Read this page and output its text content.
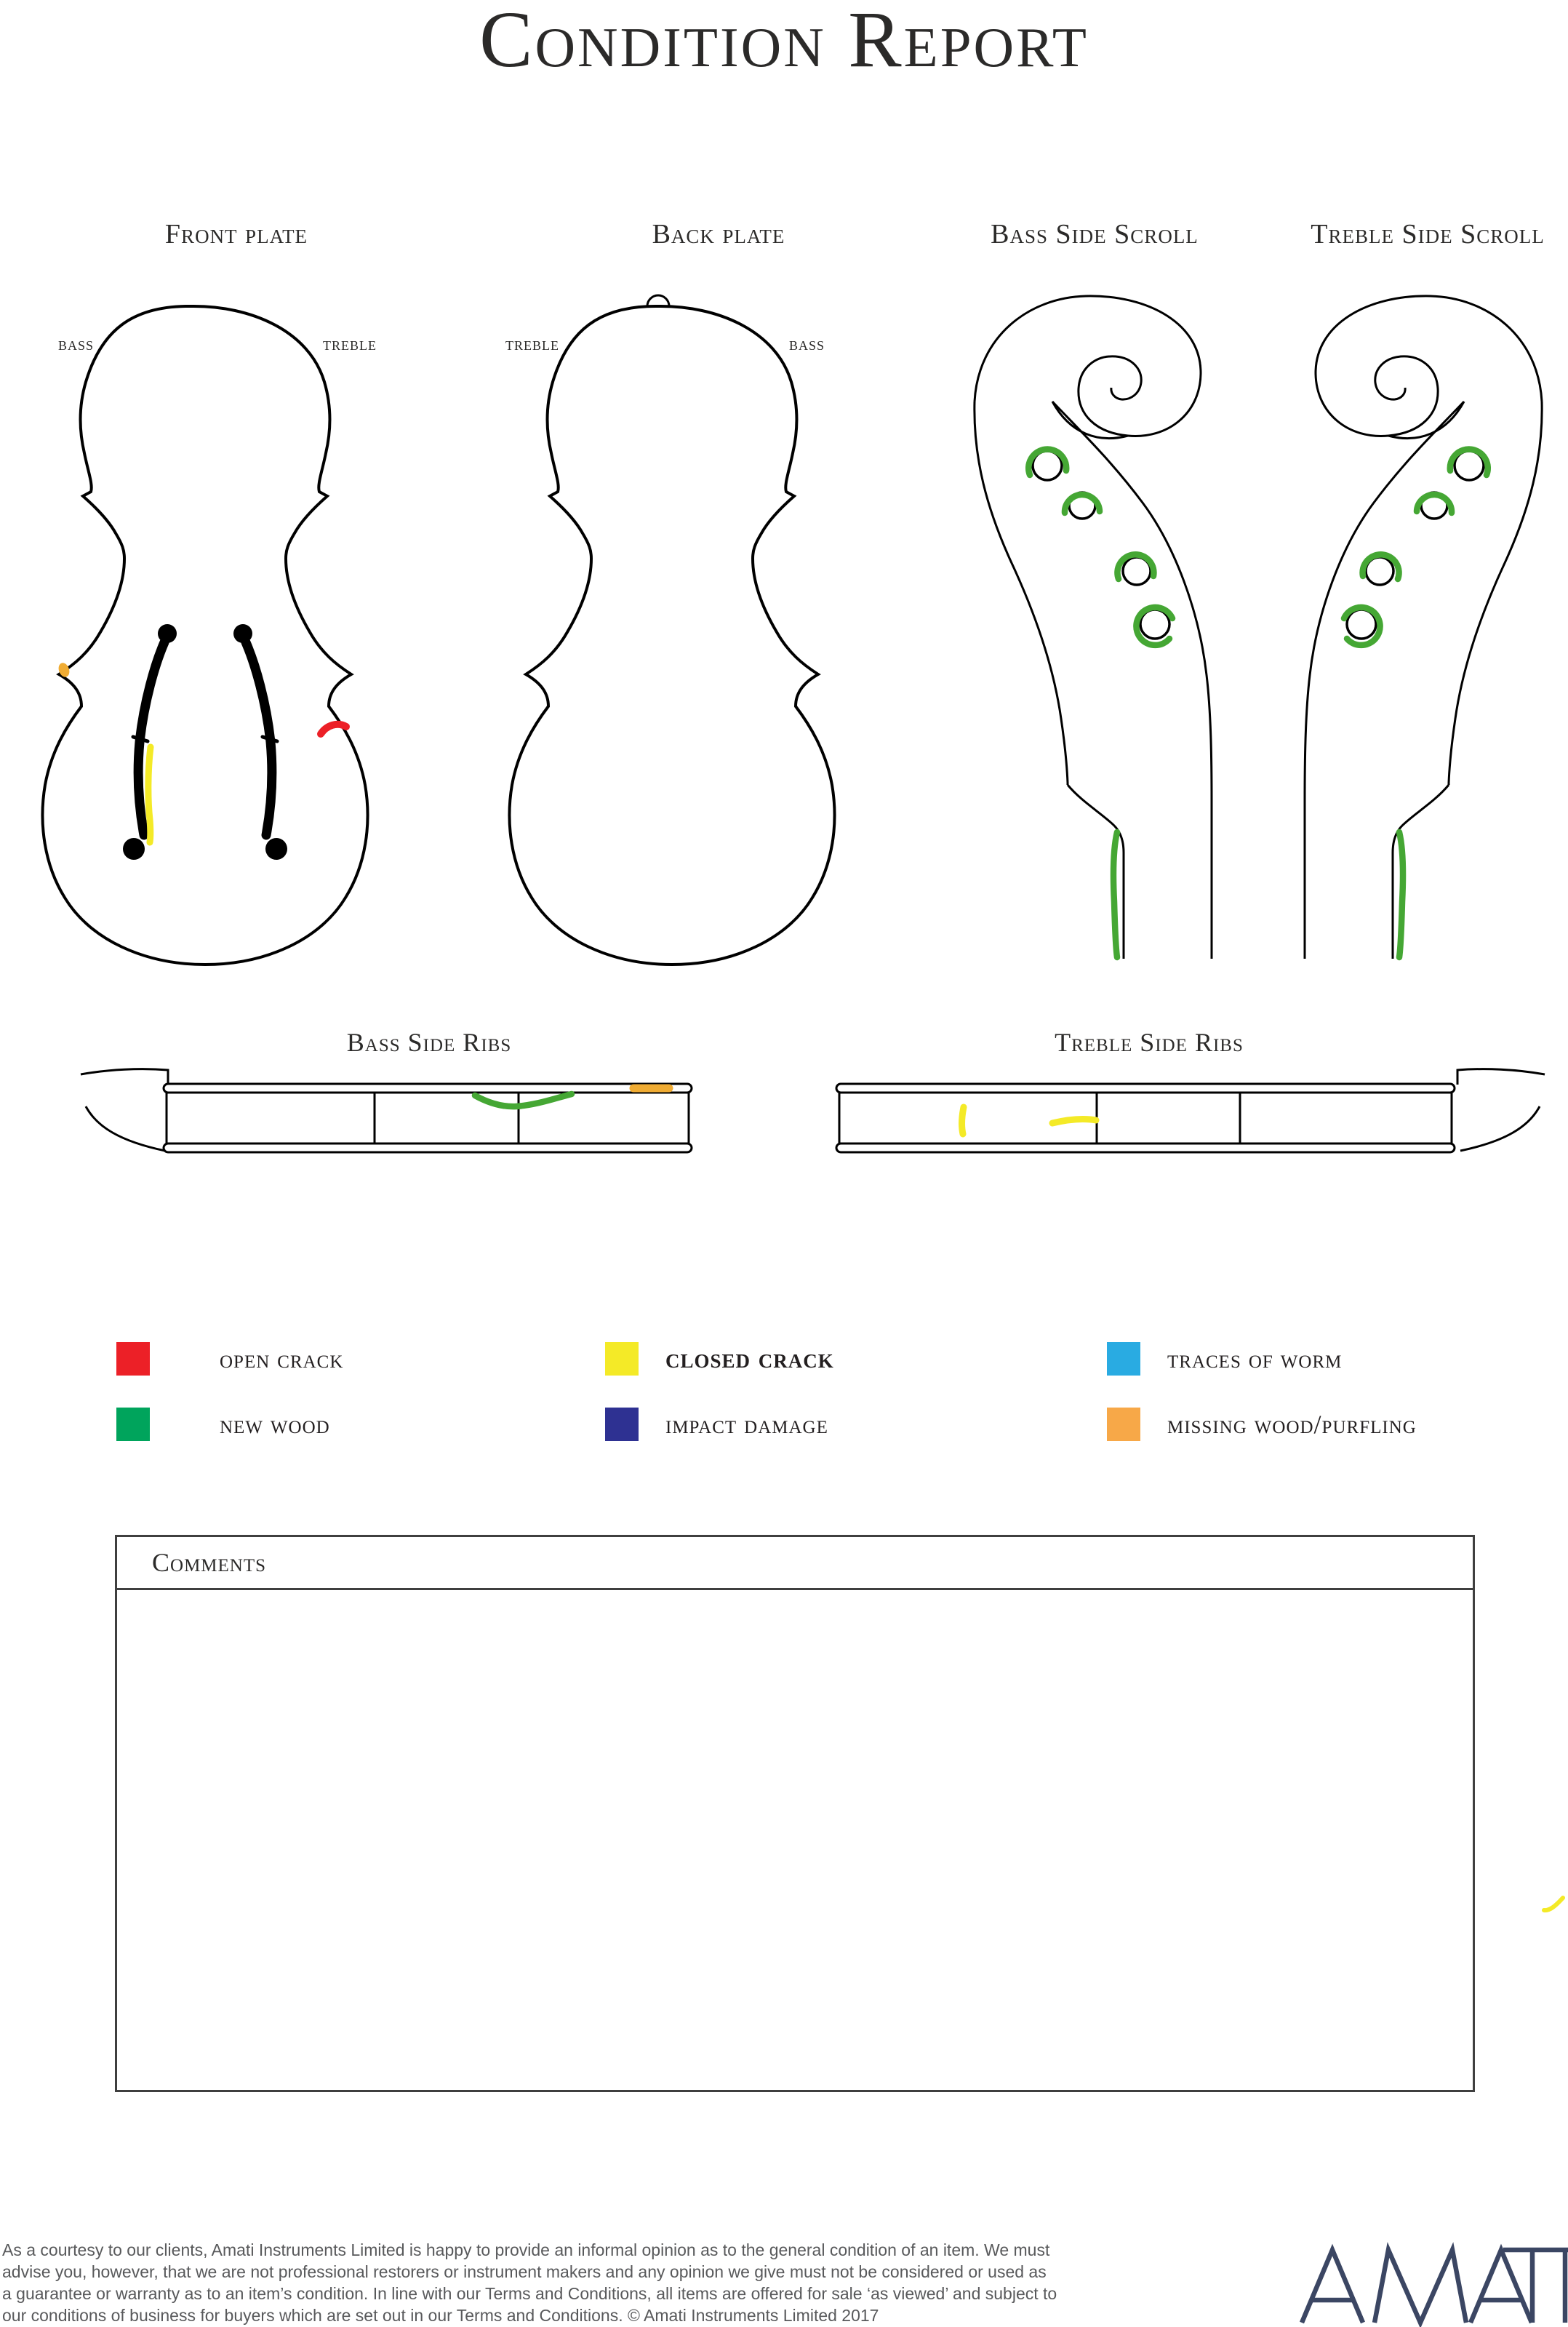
Condition Report
Front plate	Back plate	Bass Side Scroll	Treble Side Scroll
bass	treble	treble	bass
Bass Side Ribs	Treble Side Ribs
open crack	closed crack	traces of worm
new wood	impact damage	missing wood/purfling
Comments
As a courtesy to our clients, Amati Instruments Limited is happy to provide an informal opinion as to the general condition of an item. We must
advise you, however, that we are not professional restorers or instrument makers and any opinion we give must not be considered or used as
a guarantee or warranty as to an item’s condition. In line with our Terms and Conditions, all items are offered for sale ‘as viewed’ and subject to
our conditions of business for buyers which are set out in our Terms and Conditions. © Amati Instruments Limited 2017
